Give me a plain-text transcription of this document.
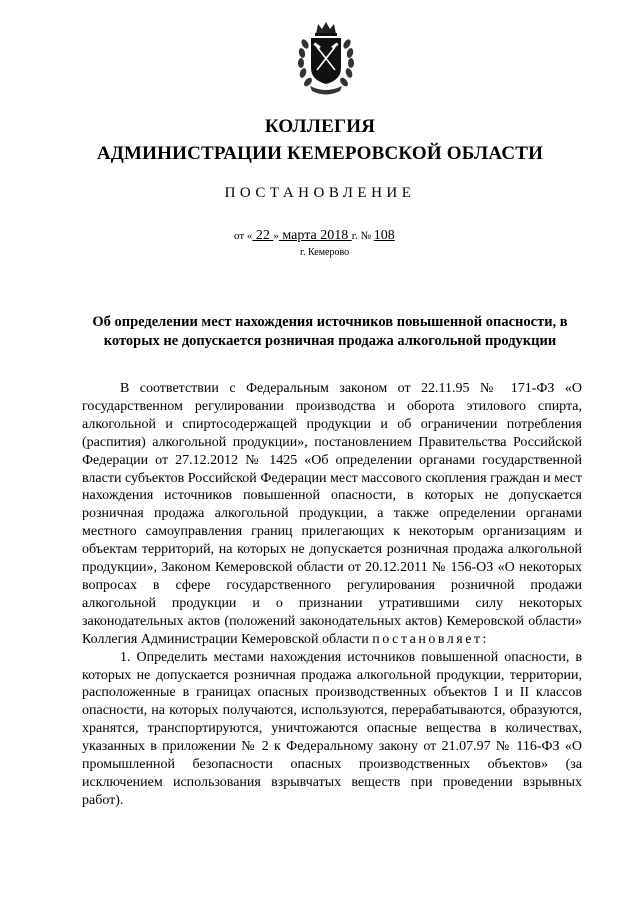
КОЛЛЕГИЯ
АДМИНИСТРАЦИИ КЕМЕРОВСКОЙ ОБЛАСТИ
ПОСТАНОВЛЕНИЕ
от « 22 » марта 2018 г. № 108
г. Кемерово
Об определении мест нахождения источников повышенной опасности, в которых не допускается розничная продажа алкогольной продукции

В соответствии с Федеральным законом от 22.11.95 № 171-ФЗ «О государственном регулировании производства и оборота этилового спирта, алкогольной и спиртосодержащей продукции и об ограничении потребления (распития) алкогольной продукции», постановлением Правительства Российской Федерации от 27.12.2012 № 1425 «Об определении органами государственной власти субъектов Российской Федерации мест массового скопления граждан и мест нахождения источников повышенной опасности, в которых не допускается розничная продажа алкогольной продукции, а также определении органами местного самоуправления границ прилегающих к некоторым организациям и объектам территорий, на которых не допускается розничная продажа алкогольной продукции», Законом Кемеровской области от 20.12.2011 № 156-ОЗ «О некоторых вопросах в сфере государственного регулирования розничной продажи алкогольной продукции и о признании утратившими силу некоторых законодательных актов (положений законодательных актов) Кемеровской области» Коллегия Администрации Кемеровской области постановляет:

1. Определить местами нахождения источников повышенной опасности, в которых не допускается розничная продажа алкогольной продукции, территории, расположенные в границах опасных производственных объектов I и II классов опасности, на которых получаются, используются, перерабатываются, образуются, хранятся, транспортируются, уничтожаются опасные вещества в количествах, указанных в приложении № 2 к Федеральному закону от 21.07.97 № 116-ФЗ «О промышленной безопасности опасных производственных объектов» (за исключением использования взрывчатых веществ при проведении взрывных работ).
